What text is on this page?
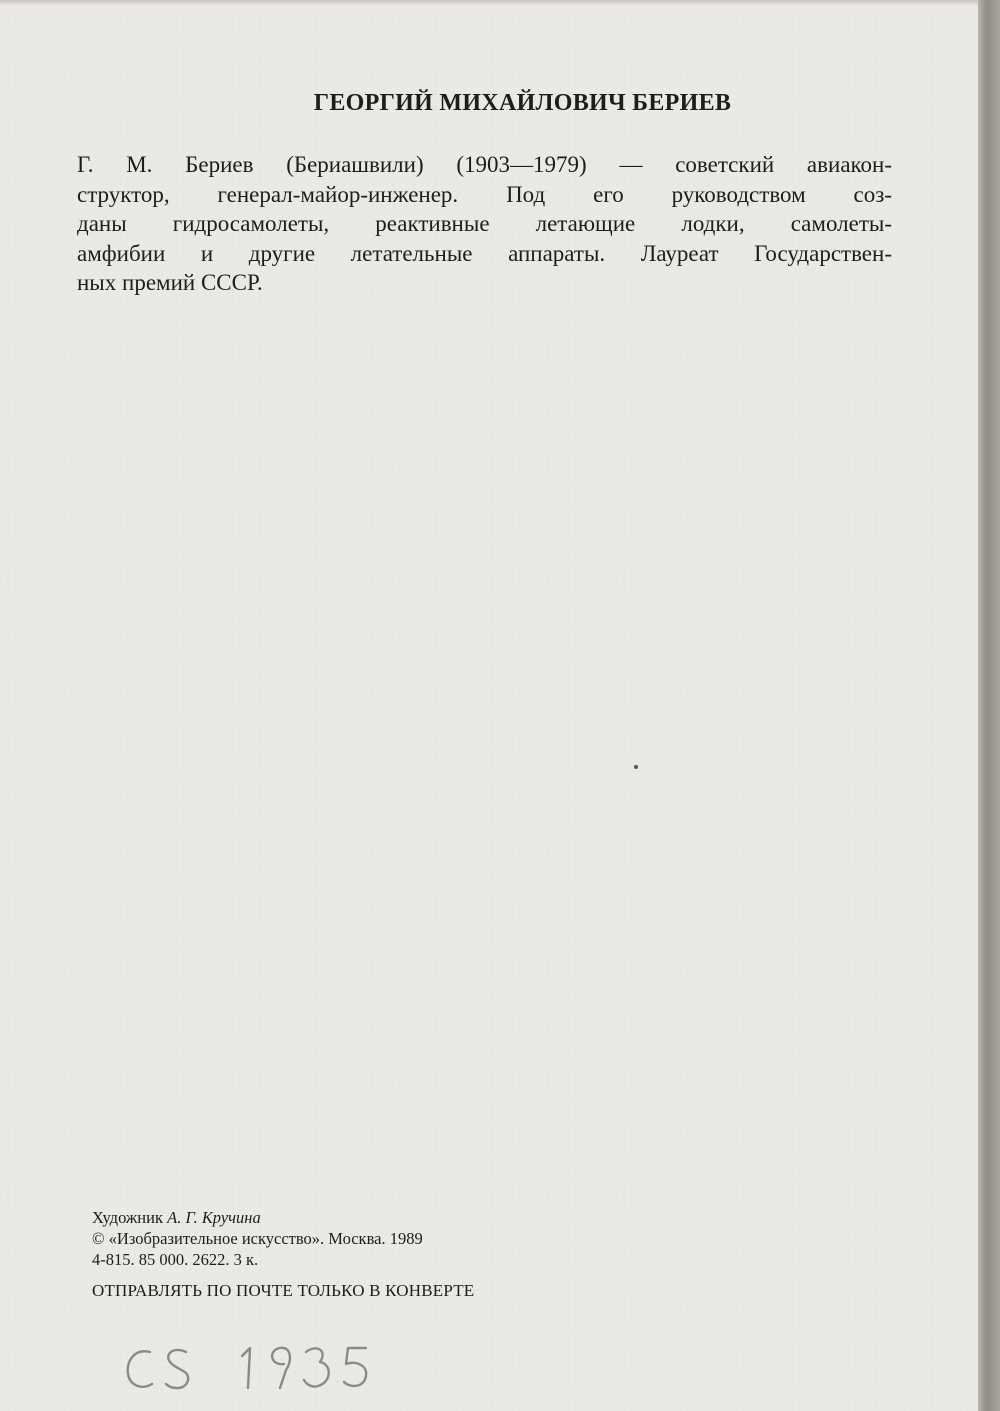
ГЕОРГИЙ МИХАЙЛОВИЧ БЕРИЕВ

Г. М. Бериев (Бериашвили) (1903—1979) — советский авиакон-
структор, генерал-майор-инженер. Под его руководством соз-
даны гидросамолеты, реактивные летающие лодки, самолеты-
амфибии и другие летательные аппараты. Лауреат Государствен-
ных премий СССР.

Художник А. Г. Кручина
© «Изобразительное искусство». Москва. 1989
4-815. 85 000. 2622. 3 к.
ОТПРАВЛЯТЬ ПО ПОЧТЕ ТОЛЬКО В КОНВЕРТЕ
